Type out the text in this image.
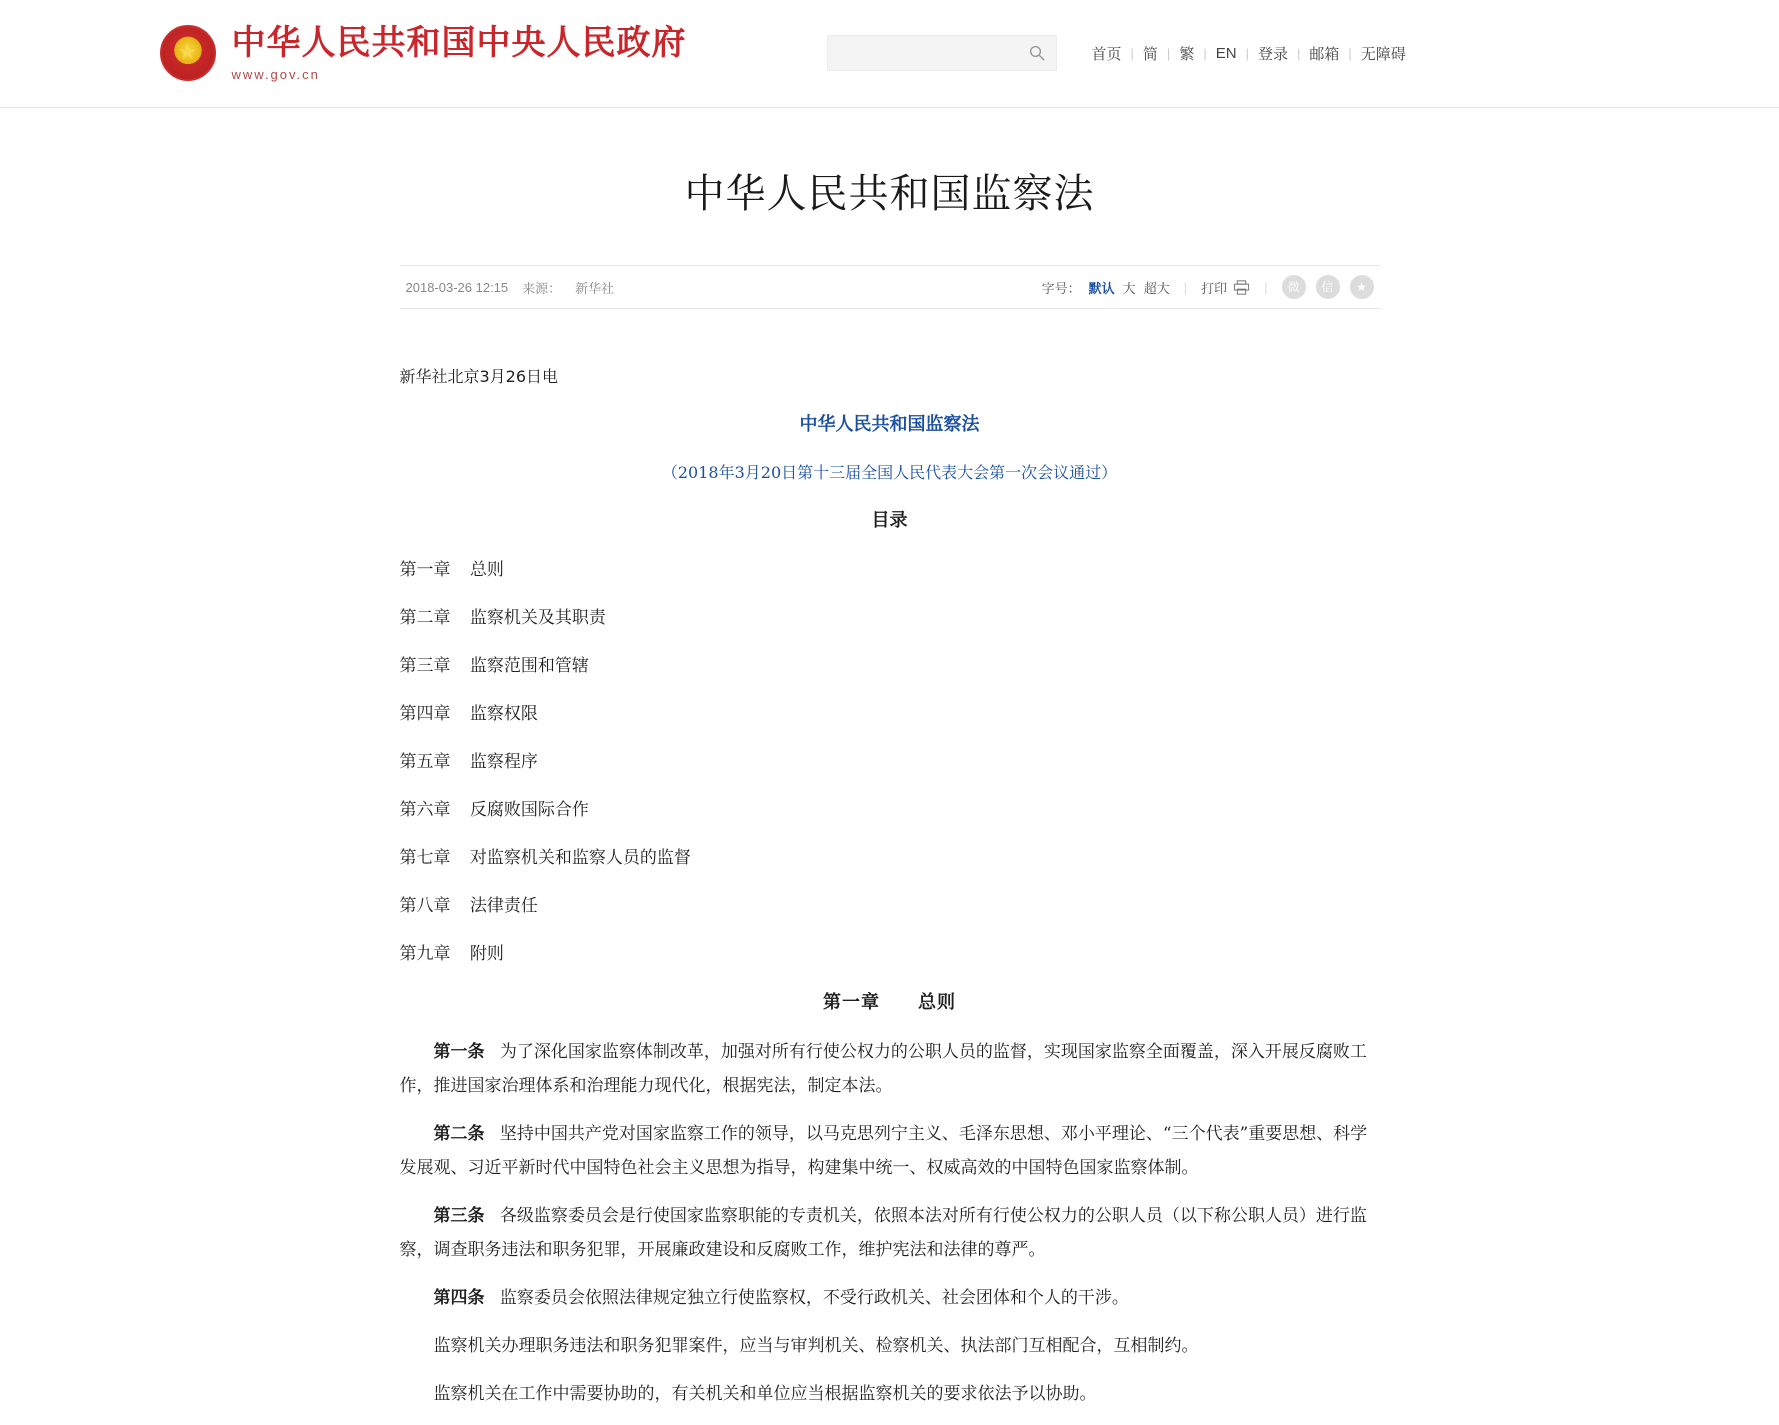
★
中华人民共和国中央人民政府
www.gov.cn
首页 | 简 | 繁 | EN | 登录 | 邮箱 | 无障碍
中华人民共和国监察法
2018-03-26 12:15 来源： 新华社	字号： 默认 大 超大 | 打印	|	微	信	★

新华社北京3月26日电

中华人民共和国监察法

（2018年3月20日第十三届全国人民代表大会第一次会议通过）

目录

第一章 总则

第二章 监察机关及其职责

第三章 监察范围和管辖

第四章 监察权限

第五章 监察程序

第六章 反腐败国际合作

第七章 对监察机关和监察人员的监督

第八章 法律责任

第九章 附则

第一章　　总则

第一条 为了深化国家监察体制改革，加强对所有行使公权力的公职人员的监督，实现国家监察全面覆盖，深入开展反腐败工作，推进国家治理体系和治理能力现代化，根据宪法，制定本法。

第二条 坚持中国共产党对国家监察工作的领导，以马克思列宁主义、毛泽东思想、邓小平理论、“三个代表”重要思想、科学发展观、习近平新时代中国特色社会主义思想为指导，构建集中统一、权威高效的中国特色国家监察体制。

第三条 各级监察委员会是行使国家监察职能的专责机关，依照本法对所有行使公权力的公职人员（以下称公职人员）进行监察，调查职务违法和职务犯罪，开展廉政建设和反腐败工作，维护宪法和法律的尊严。

第四条 监察委员会依照法律规定独立行使监察权，不受行政机关、社会团体和个人的干涉。

监察机关办理职务违法和职务犯罪案件，应当与审判机关、检察机关、执法部门互相配合，互相制约。

监察机关在工作中需要协助的，有关机关和单位应当根据监察机关的要求依法予以协助。
